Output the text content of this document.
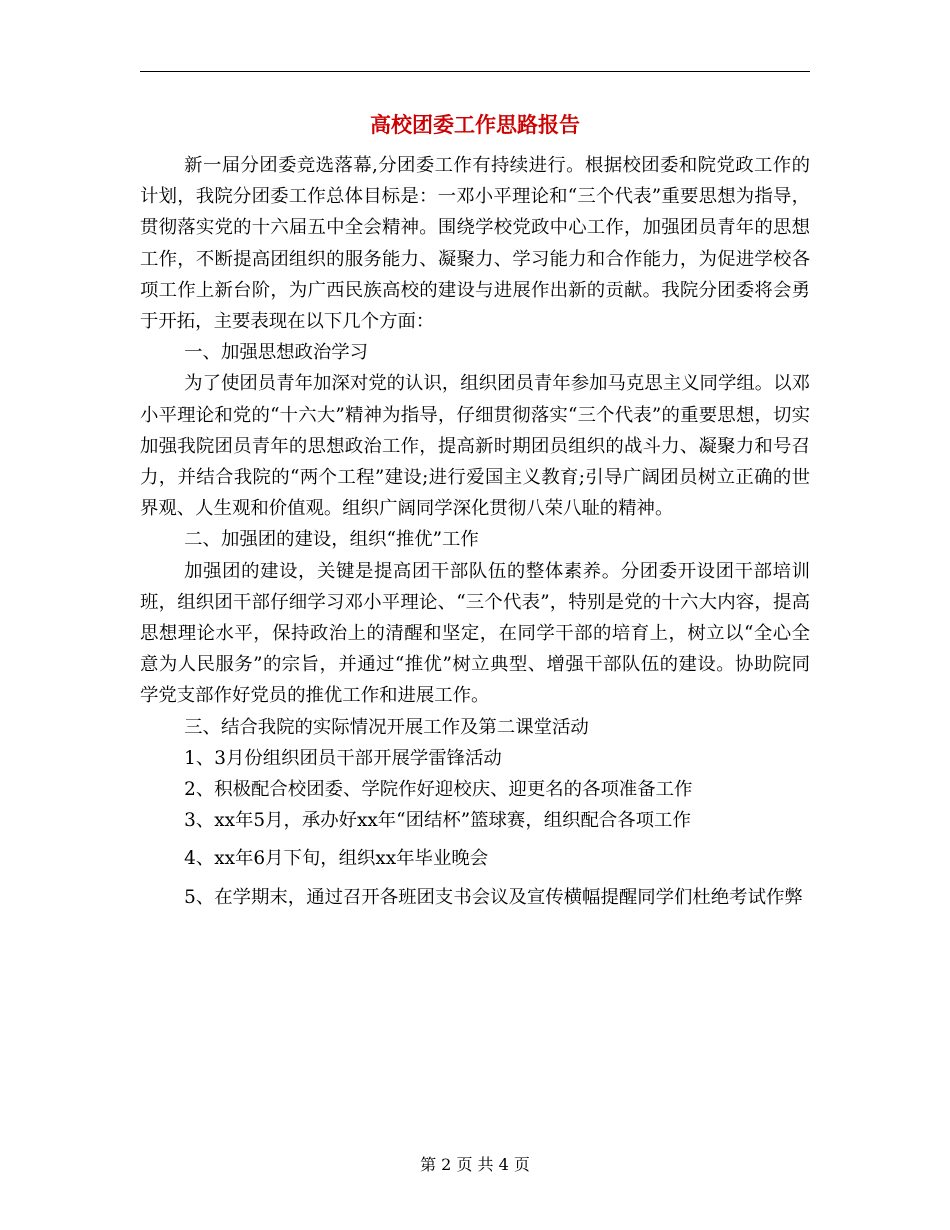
高校团委工作思路报告

新一届分团委竞选落幕,分团委工作有持续进行。根据校团委和院党政工作的计划，我院分团委工作总体目标是：一邓小平理论和“三个代表”重要思想为指导，贯彻落实党的十六届五中全会精神。围绕学校党政中心工作，加强团员青年的思想工作，不断提高团组织的服务能力、凝聚力、学习能力和合作能力，为促进学校各项工作上新台阶，为广西民族高校的建设与进展作出新的贡献。我院分团委将会勇于开拓，主要表现在以下几个方面：

一、加强思想政治学习

为了使团员青年加深对党的认识，组织团员青年参加马克思主义同学组。以邓小平理论和党的“十六大”精神为指导，仔细贯彻落实“三个代表”的重要思想，切实加强我院团员青年的思想政治工作，提高新时期团员组织的战斗力、凝聚力和号召力，并结合我院的“两个工程”建设;进行爱国主义教育;引导广阔团员树立正确的世界观、人生观和价值观。组织广阔同学深化贯彻八荣八耻的精神。

二、加强团的建设，组织“推优”工作

加强团的建设，关键是提高团干部队伍的整体素养。分团委开设团干部培训班，组织团干部仔细学习邓小平理论、“三个代表”，特别是党的十六大内容，提高思想理论水平，保持政治上的清醒和坚定，在同学干部的培育上，树立以“全心全意为人民服务”的宗旨，并通过“推优”树立典型、增强干部队伍的建设。协助院同学党支部作好党员的推优工作和进展工作。

三、结合我院的实际情况开展工作及第二课堂活动

1、3月份组织团员干部开展学雷锋活动

2、积极配合校团委、学院作好迎校庆、迎更名的各项准备工作

3、xx年5月，承办好xx年“团结杯”篮球赛，组织配合各项工作

4、xx年6月下旬，组织xx年毕业晚会

5、在学期末，通过召开各班团支书会议及宣传横幅提醒同学们杜绝考试作弊

第 2 页 共 4 页
